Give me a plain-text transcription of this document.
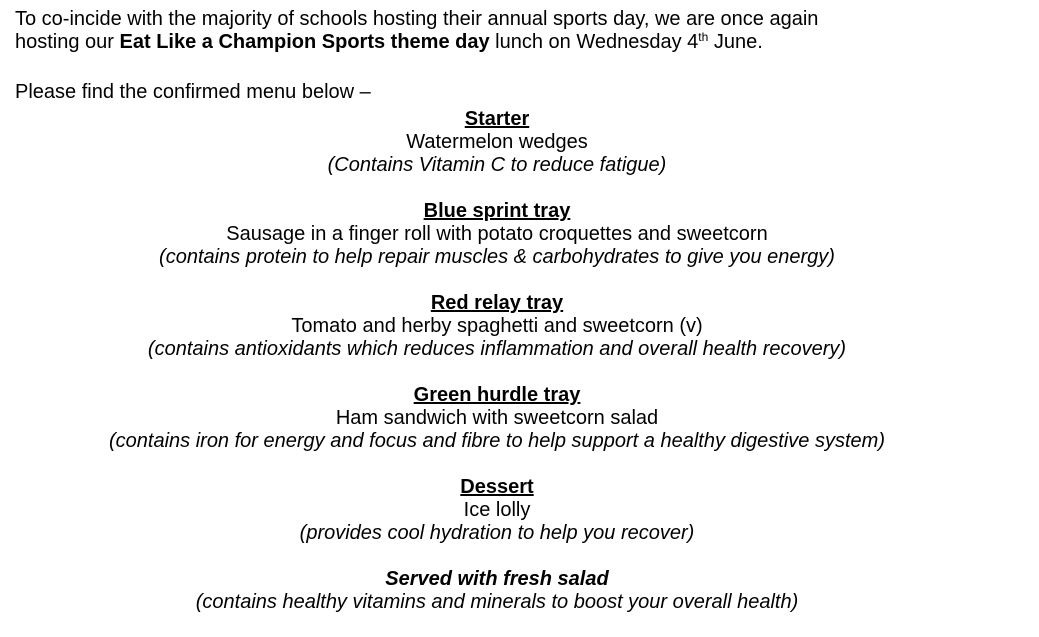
To co-incide with the majority of schools hosting their annual sports day, we are once again

hosting our Eat Like a Champion Sports theme day lunch on Wednesday 4th June.

Please find the confirmed menu below –

Starter
Watermelon wedges
(Contains Vitamin C to reduce fatigue)
Blue sprint tray
Sausage in a finger roll with potato croquettes and sweetcorn
(contains protein to help repair muscles & carbohydrates to give you energy)
Red relay tray
Tomato and herby spaghetti and sweetcorn (v)
(contains antioxidants which reduces inflammation and overall health recovery)
Green hurdle tray
Ham sandwich with sweetcorn salad
(contains iron for energy and focus and fibre to help support a healthy digestive system)
Dessert
Ice lolly
(provides cool hydration to help you recover)
Served with fresh salad
(contains healthy vitamins and minerals to boost your overall health)
